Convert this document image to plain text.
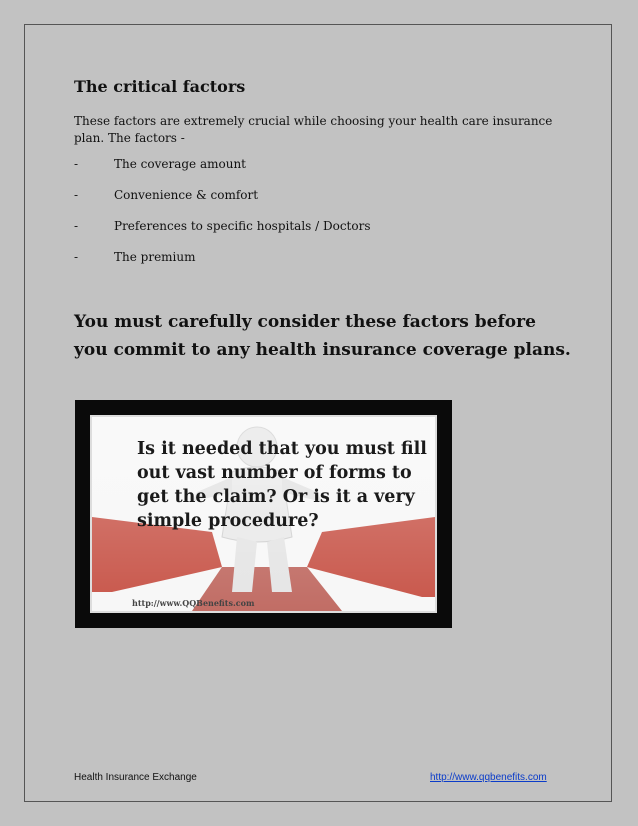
The critical factors

These factors are extremely crucial while choosing your health care insurance plan. The factors -

-	The coverage amount
-	Convenience & comfort
-	Preferences to specific hospitals / Doctors
-	The premium

You must carefully consider these factors before you commit to any health insurance coverage plans.

Is it needed that you must fill out vast number of forms to get the claim? Or is it a very simple procedure?

http://www.QQBenefits.com
Health Insurance Exchange	http://www.qqbenefits.com
